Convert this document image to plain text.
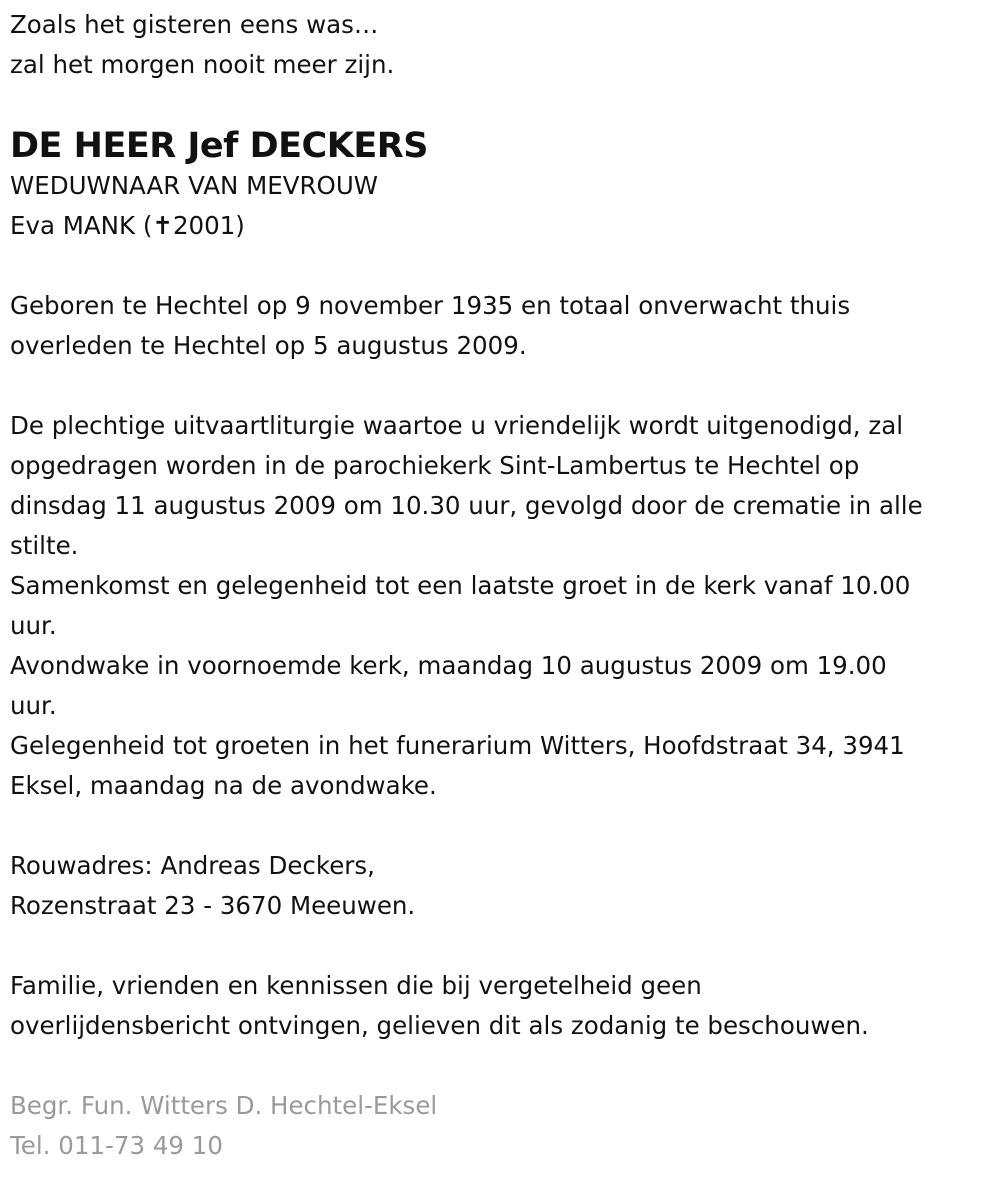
Zoals het gisteren eens was…
zal het morgen nooit meer zijn.
DE HEER Jef DECKERS
WEDUWNAAR VAN MEVROUW
Eva MANK (✝2001)
Geboren te Hechtel op 9 november 1935 en totaal onverwacht thuis
overleden te Hechtel op 5 augustus 2009.
De plechtige uitvaartliturgie waartoe u vriendelijk wordt uitgenodigd, zal
opgedragen worden in de parochiekerk Sint-Lambertus te Hechtel op
dinsdag 11 augustus 2009 om 10.30 uur, gevolgd door de crematie in alle
stilte.
Samenkomst en gelegenheid tot een laatste groet in de kerk vanaf 10.00
uur.
Avondwake in voornoemde kerk, maandag 10 augustus 2009 om 19.00
uur.
Gelegenheid tot groeten in het funerarium Witters, Hoofdstraat 34, 3941
Eksel, maandag na de avondwake.
Rouwadres: Andreas Deckers,
Rozenstraat 23 - 3670 Meeuwen.
Familie, vrienden en kennissen die bij vergetelheid geen
overlijdensbericht ontvingen, gelieven dit als zodanig te beschouwen.
Begr. Fun. Witters D. Hechtel-Eksel
Tel. 011-73 49 10
